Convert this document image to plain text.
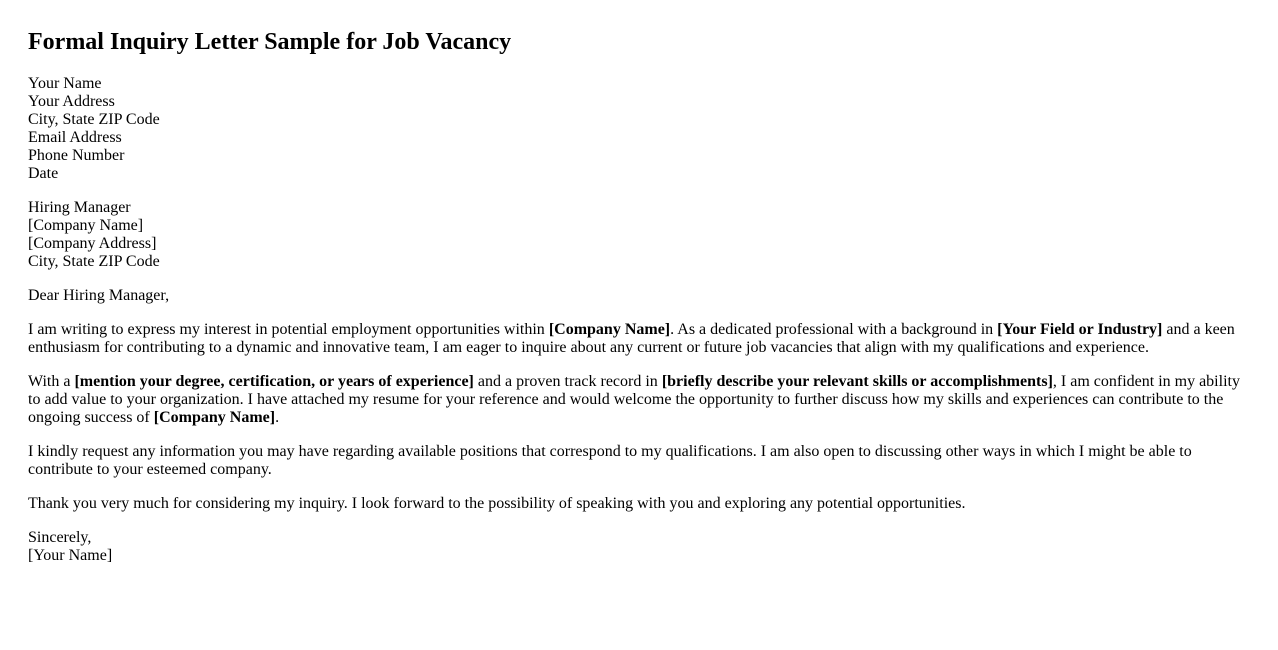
Formal Inquiry Letter Sample for Job Vacancy
Your Name
Your Address
City, State ZIP Code
Email Address
Phone Number
Date
Hiring Manager
[Company Name]
[Company Address]
City, State ZIP Code
Dear Hiring Manager,
I am writing to express my interest in potential employment opportunities within [Company Name]. As a dedicated professional with a background in [Your Field or Industry] and a keen enthusiasm for contributing to a dynamic and innovative team, I am eager to inquire about any current or future job vacancies that align with my qualifications and experience.
With a [mention your degree, certification, or years of experience] and a proven track record in [briefly describe your relevant skills or accomplishments], I am confident in my ability to add value to your organization. I have attached my resume for your reference and would welcome the opportunity to further discuss how my skills and experiences can contribute to the ongoing success of [Company Name].
I kindly request any information you may have regarding available positions that correspond to my qualifications. I am also open to discussing other ways in which I might be able to contribute to your esteemed company.
Thank you very much for considering my inquiry. I look forward to the possibility of speaking with you and exploring any potential opportunities.
Sincerely,
[Your Name]
